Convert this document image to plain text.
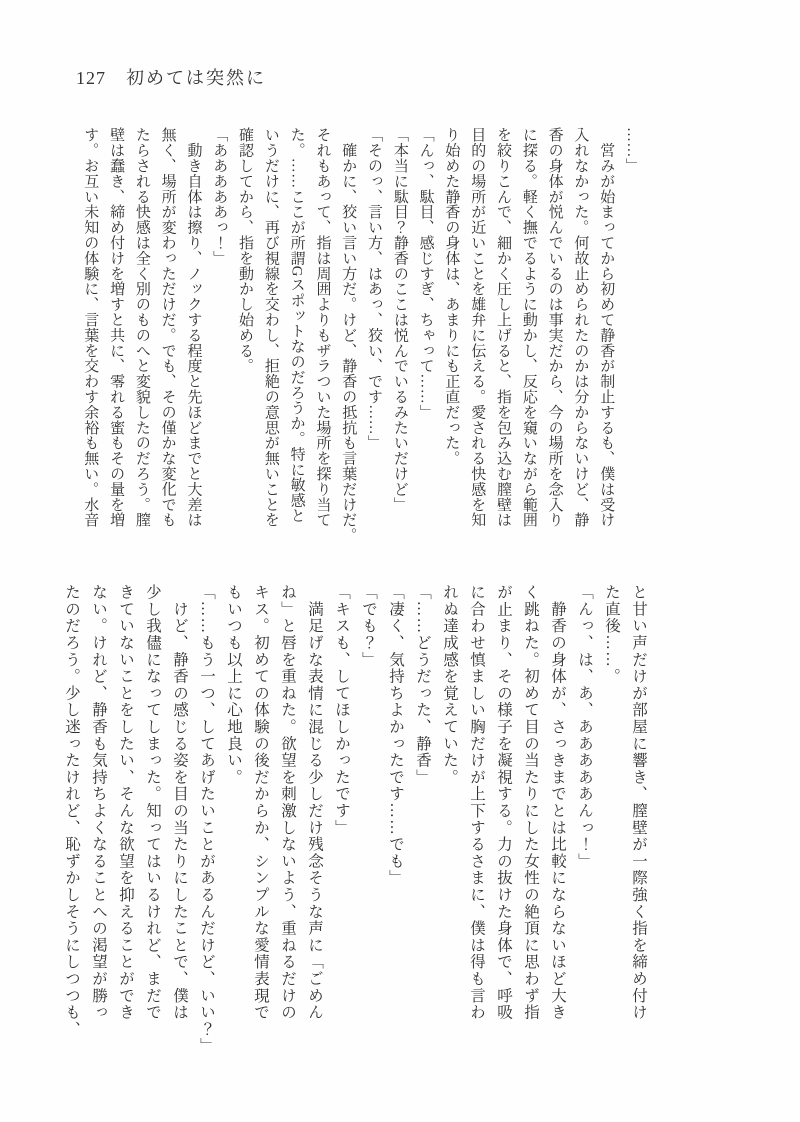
127 初めては突然に
……」
　営みが始まってから初めて静香が制止するも、僕は受け
入れなかった。何故止められたのかは分からないけど、静
香の身体が悦んでいるのは事実だから、今の場所を念入り
に探る。軽く撫でるように動かし、反応を窺いながら範囲
を絞りこんで、細かく圧し上げると、指を包み込む膣壁は
目的の場所が近いことを雄弁に伝える。愛される快感を知
り始めた静香の身体は、あまりにも正直だった。
「んっ、駄目、感じすぎ、ちゃって……」
「本当に駄目？静香のここは悦んでいるみたいだけど」
「そのっ、言い方、はあっ、狡い、です……」
　確かに、狡い言い方だ。けど、静香の抵抗も言葉だけだ。
それもあって、指は周囲よりもザラついた場所を探り当て
た。……ここが所謂Gスポットなのだろうか。特に敏感と
いうだけに、再び視線を交わし、拒絶の意思が無いことを
確認してから、指を動かし始める。
「あああああっ！」
　動き自体は擦り、ノックする程度と先ほどまでと大差は
無く、場所が変わっただけだ。でも、その僅かな変化でも
たらされる快感は全く別のものへと変貌したのだろう。膣
壁は蠢き、締め付けを増すと共に、零れる蜜もその量を増
す。お互い未知の体験に、言葉を交わす余裕も無い。水音
と甘い声だけが部屋に響き、膣壁が一際強く指を締め付け
た直後……。
「んっ、は、あ、あああああんっ！」
　静香の身体が、さっきまでとは比較にならないほど大き
く跳ねた。初めて目の当たりにした女性の絶頂に思わず指
が止まり、その様子を凝視する。力の抜けた身体で、呼吸
に合わせ慎ましい胸だけが上下するさまに、僕は得も言わ
れぬ達成感を覚えていた。
「……どうだった、静香」
「凄く、気持ちよかったです……でも」
「でも？」
「キスも、してほしかったです」
　満足げな表情に混じる少しだけ残念そうな声に「ごめん
ね」と唇を重ねた。欲望を刺激しないよう、重ねるだけの
キス。初めての体験の後だからか、シンプルな愛情表現で
もいつも以上に心地良い。
「……もう一つ、してあげたいことがあるんだけど、いい？」
　けど、静香の感じる姿を目の当たりにしたことで、僕は
少し我儘になってしまった。知ってはいるけれど、まだで
きていないことをしたい、そんな欲望を抑えることができ
ない。けれど、静香も気持ちよくなることへの渇望が勝っ
たのだろう。少し迷ったけれど、恥ずかしそうにしつつも、
